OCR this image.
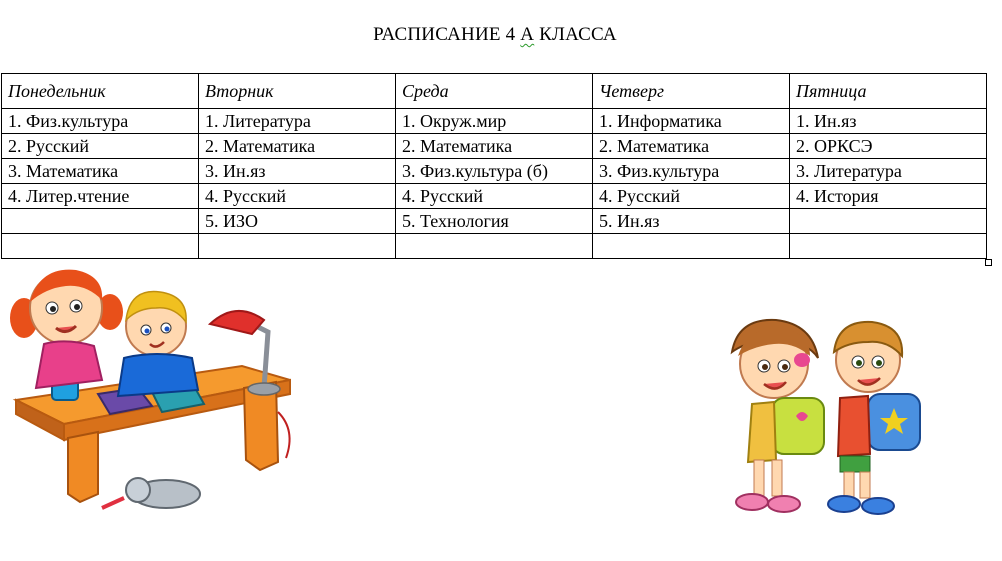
РАСПИСАНИЕ 4 А КЛАССА
Понедельник	Вторник	Среда	Четверг	Пятница
1. Физ.культура	1. Литература	1. Окруж.мир	1. Информатика	1. Ин.яз
2. Русский	2. Математика	2. Математика	2. Математика	2. ОРКСЭ
3. Математика	3. Ин.яз	3. Физ.культура (б)	3. Физ.культура	3. Литература
4. Литер.чтение	4. Русский	4. Русский	4. Русский	4. История
	5. ИЗО	5. Технология	5. Ин.яз	
